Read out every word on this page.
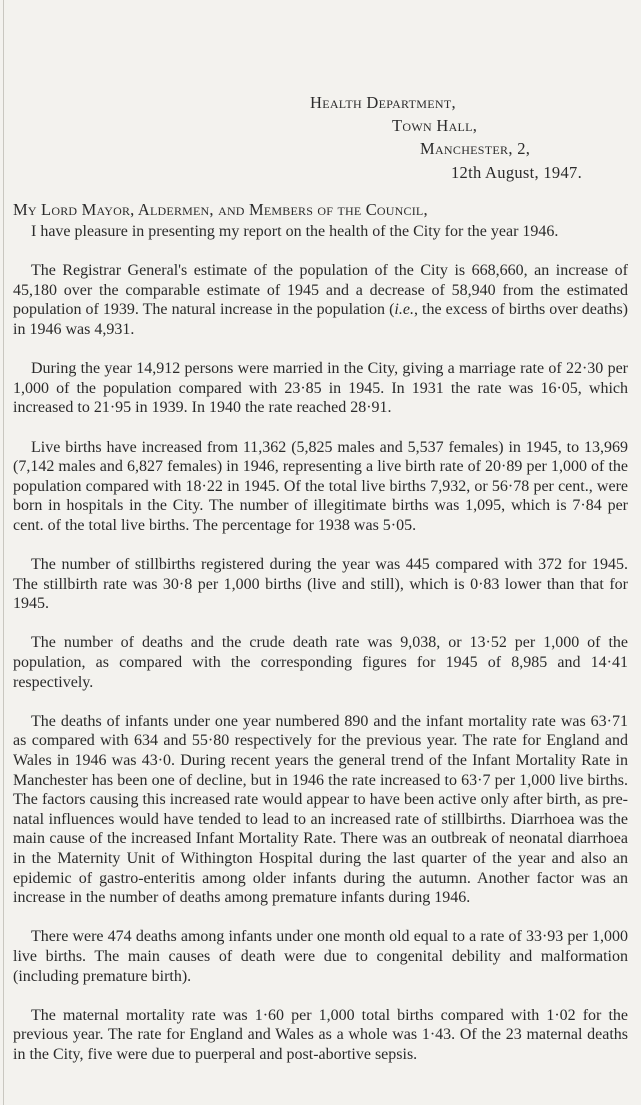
Health Department,
Town Hall,
Manchester, 2,
12th August, 1947.
My Lord Mayor, Aldermen, and Members of the Council,

I have pleasure in presenting my report on the health of the City for the year 1946.

The Registrar General's estimate of the population of the City is 668,660, an increase of 45,180 over the comparable estimate of 1945 and a decrease of 58,940 from the estimated population of 1939. The natural increase in the population (i.e., the excess of births over deaths) in 1946 was 4,931.

During the year 14,912 persons were married in the City, giving a marriage rate of 22·30 per 1,000 of the population compared with 23·85 in 1945. In 1931 the rate was 16·05, which increased to 21·95 in 1939. In 1940 the rate reached 28·91.

Live births have increased from 11,362 (5,825 males and 5,537 females) in 1945, to 13,969 (7,142 males and 6,827 females) in 1946, representing a live birth rate of 20·89 per 1,000 of the population compared with 18·22 in 1945. Of the total live births 7,932, or 56·78 per cent., were born in hospitals in the City. The number of illegitimate births was 1,095, which is 7·84 per cent. of the total live births. The percentage for 1938 was 5·05.

The number of stillbirths registered during the year was 445 compared with 372 for 1945. The stillbirth rate was 30·8 per 1,000 births (live and still), which is 0·83 lower than that for 1945.

The number of deaths and the crude death rate was 9,038, or 13·52 per 1,000 of the population, as compared with the corresponding figures for 1945 of 8,985 and 14·41 respectively.

The deaths of infants under one year numbered 890 and the infant mortality rate was 63·71 as compared with 634 and 55·80 respectively for the previous year. The rate for England and Wales in 1946 was 43·0. During recent years the general trend of the Infant Mortality Rate in Manchester has been one of decline, but in 1946 the rate increased to 63·7 per 1,000 live births. The factors causing this increased rate would appear to have been active only after birth, as pre-natal influences would have tended to lead to an increased rate of stillbirths. Diarrhoea was the main cause of the increased Infant Mortality Rate. There was an outbreak of neonatal diarrhoea in the Maternity Unit of Withington Hospital during the last quarter of the year and also an epidemic of gastro-enteritis among older infants during the autumn. Another factor was an increase in the number of deaths among premature infants during 1946.

There were 474 deaths among infants under one month old equal to a rate of 33·93 per 1,000 live births. The main causes of death were due to congenital debility and malformation (including premature birth).

The maternal mortality rate was 1·60 per 1,000 total births compared with 1·02 for the previous year. The rate for England and Wales as a whole was 1·43. Of the 23 maternal deaths in the City, five were due to puerperal and post-abortive sepsis.
